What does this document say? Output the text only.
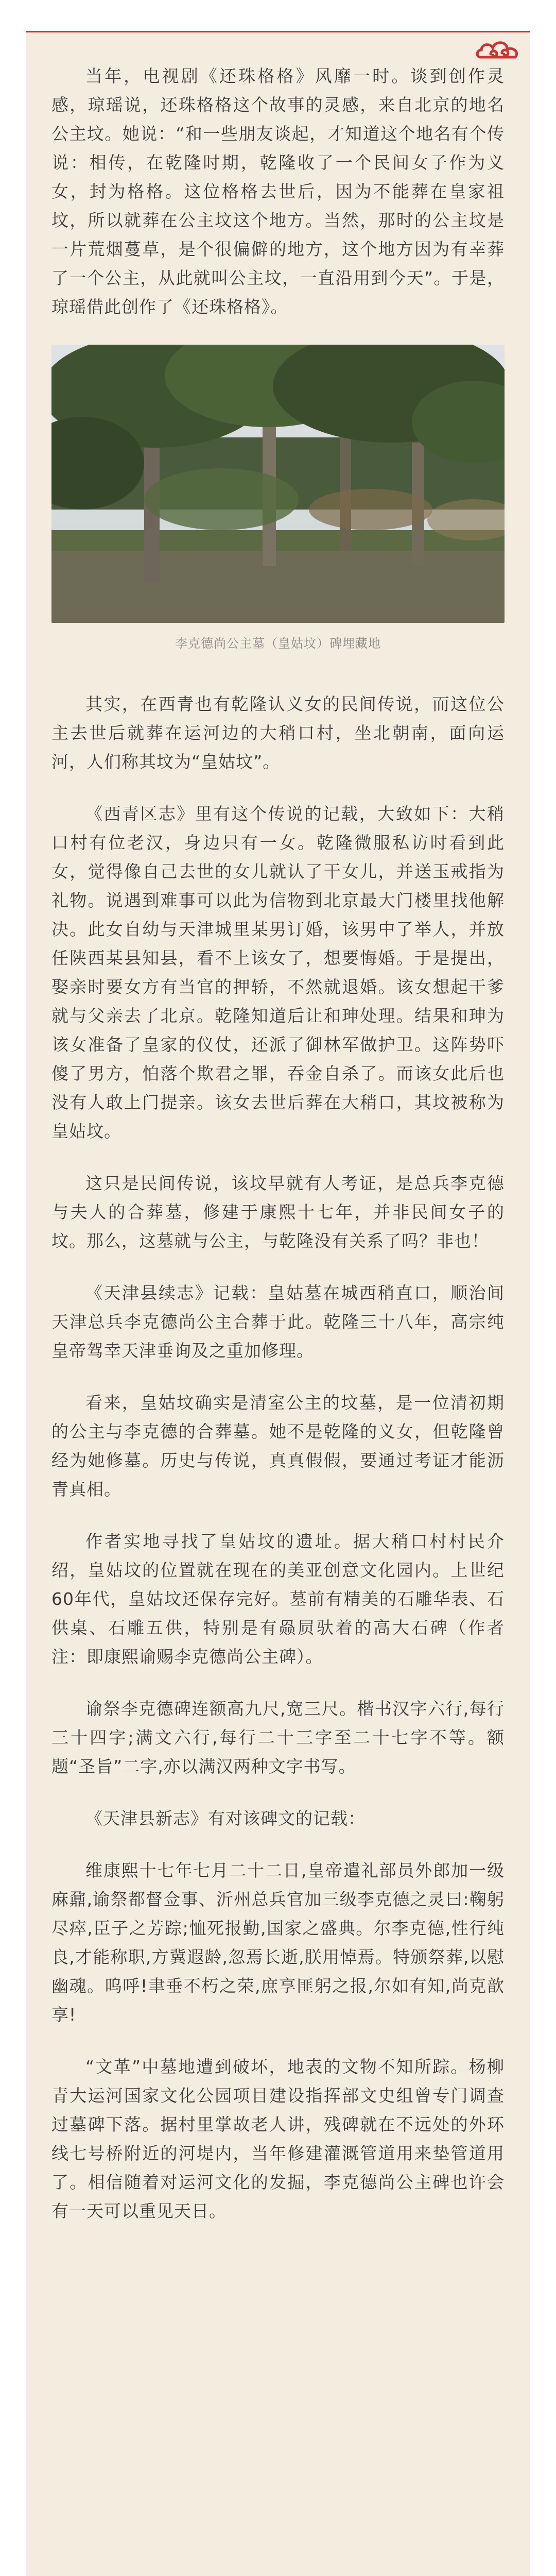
当年，电视剧《还珠格格》风靡一时。谈到创作灵感，琼瑶说，还珠格格这个故事的灵感，来自北京的地名公主坟。她说：“和一些朋友谈起，才知道这个地名有个传说：相传，在乾隆时期，乾隆收了一个民间女子作为义女，封为格格。这位格格去世后，因为不能葬在皇家祖坟，所以就葬在公主坟这个地方。当然，那时的公主坟是一片荒烟蔓草，是个很偏僻的地方，这个地方因为有幸葬了一个公主，从此就叫公主坟，一直沿用到今天”。于是，琼瑶借此创作了《还珠格格》。

李克德尚公主墓（皇姑坟）碑埋藏地

其实，在西青也有乾隆认义女的民间传说，而这位公主去世后就葬在运河边的大稍口村，坐北朝南，面向运河，人们称其坟为“皇姑坟”。

《西青区志》里有这个传说的记载，大致如下：大稍口村有位老汉，身边只有一女。乾隆微服私访时看到此女，觉得像自己去世的女儿就认了干女儿，并送玉戒指为礼物。说遇到难事可以此为信物到北京最大门楼里找他解决。此女自幼与天津城里某男订婚，该男中了举人，并放任陕西某县知县，看不上该女了，想要悔婚。于是提出，娶亲时要女方有当官的押轿，不然就退婚。该女想起干爹就与父亲去了北京。乾隆知道后让和珅处理。结果和珅为该女准备了皇家的仪仗，还派了御林军做护卫。这阵势吓傻了男方，怕落个欺君之罪，吞金自杀了。而该女此后也没有人敢上门提亲。该女去世后葬在大稍口，其坟被称为皇姑坟。

这只是民间传说，该坟早就有人考证，是总兵李克德与夫人的合葬墓，修建于康熙十七年，并非民间女子的坟。那么，这墓就与公主，与乾隆没有关系了吗？非也！

《天津县续志》记载：皇姑墓在城西稍直口，顺治间天津总兵李克德尚公主合葬于此。乾隆三十八年，高宗纯皇帝驾幸天津垂询及之重加修理。

看来，皇姑坟确实是清室公主的坟墓，是一位清初期的公主与李克德的合葬墓。她不是乾隆的义女，但乾隆曾经为她修墓。历史与传说，真真假假，要通过考证才能沥青真相。

作者实地寻找了皇姑坟的遗址。据大稍口村村民介绍，皇姑坟的位置就在现在的美亚创意文化园内。上世纪60年代，皇姑坟还保存完好。墓前有精美的石雕华表、石供桌、石雕五供，特别是有赑屃驮着的高大石碑（作者注：即康熙谕赐李克德尚公主碑）。

谕祭李克德碑连额高九尺,宽三尺。楷书汉字六行,每行三十四字;满文六行,每行二十三字至二十七字不等。额题“圣旨”二字,亦以满汉两种文字书写。

《天津县新志》有对该碑文的记载：

维康熙十七年七月二十二日,皇帝遣礼部员外郎加一级麻鼐,谕祭都督佥事、沂州总兵官加三级李克德之灵曰:鞠躬尽瘁,臣子之芳踪;恤死报勤,国家之盛典。尔李克德,性行纯良,才能称职,方冀遐龄,忽焉长逝,朕用悼焉。特颁祭葬,以慰幽魂。呜呼!聿垂不朽之荣,庶享匪躬之报,尔如有知,尚克歆享!

“文革”中墓地遭到破坏，地表的文物不知所踪。杨柳青大运河国家文化公园项目建设指挥部文史组曾专门调查过墓碑下落。据村里掌故老人讲，残碑就在不远处的外环线七号桥附近的河堤内，当年修建灌溉管道用来垫管道用了。相信随着对运河文化的发掘，李克德尚公主碑也许会有一天可以重见天日。
